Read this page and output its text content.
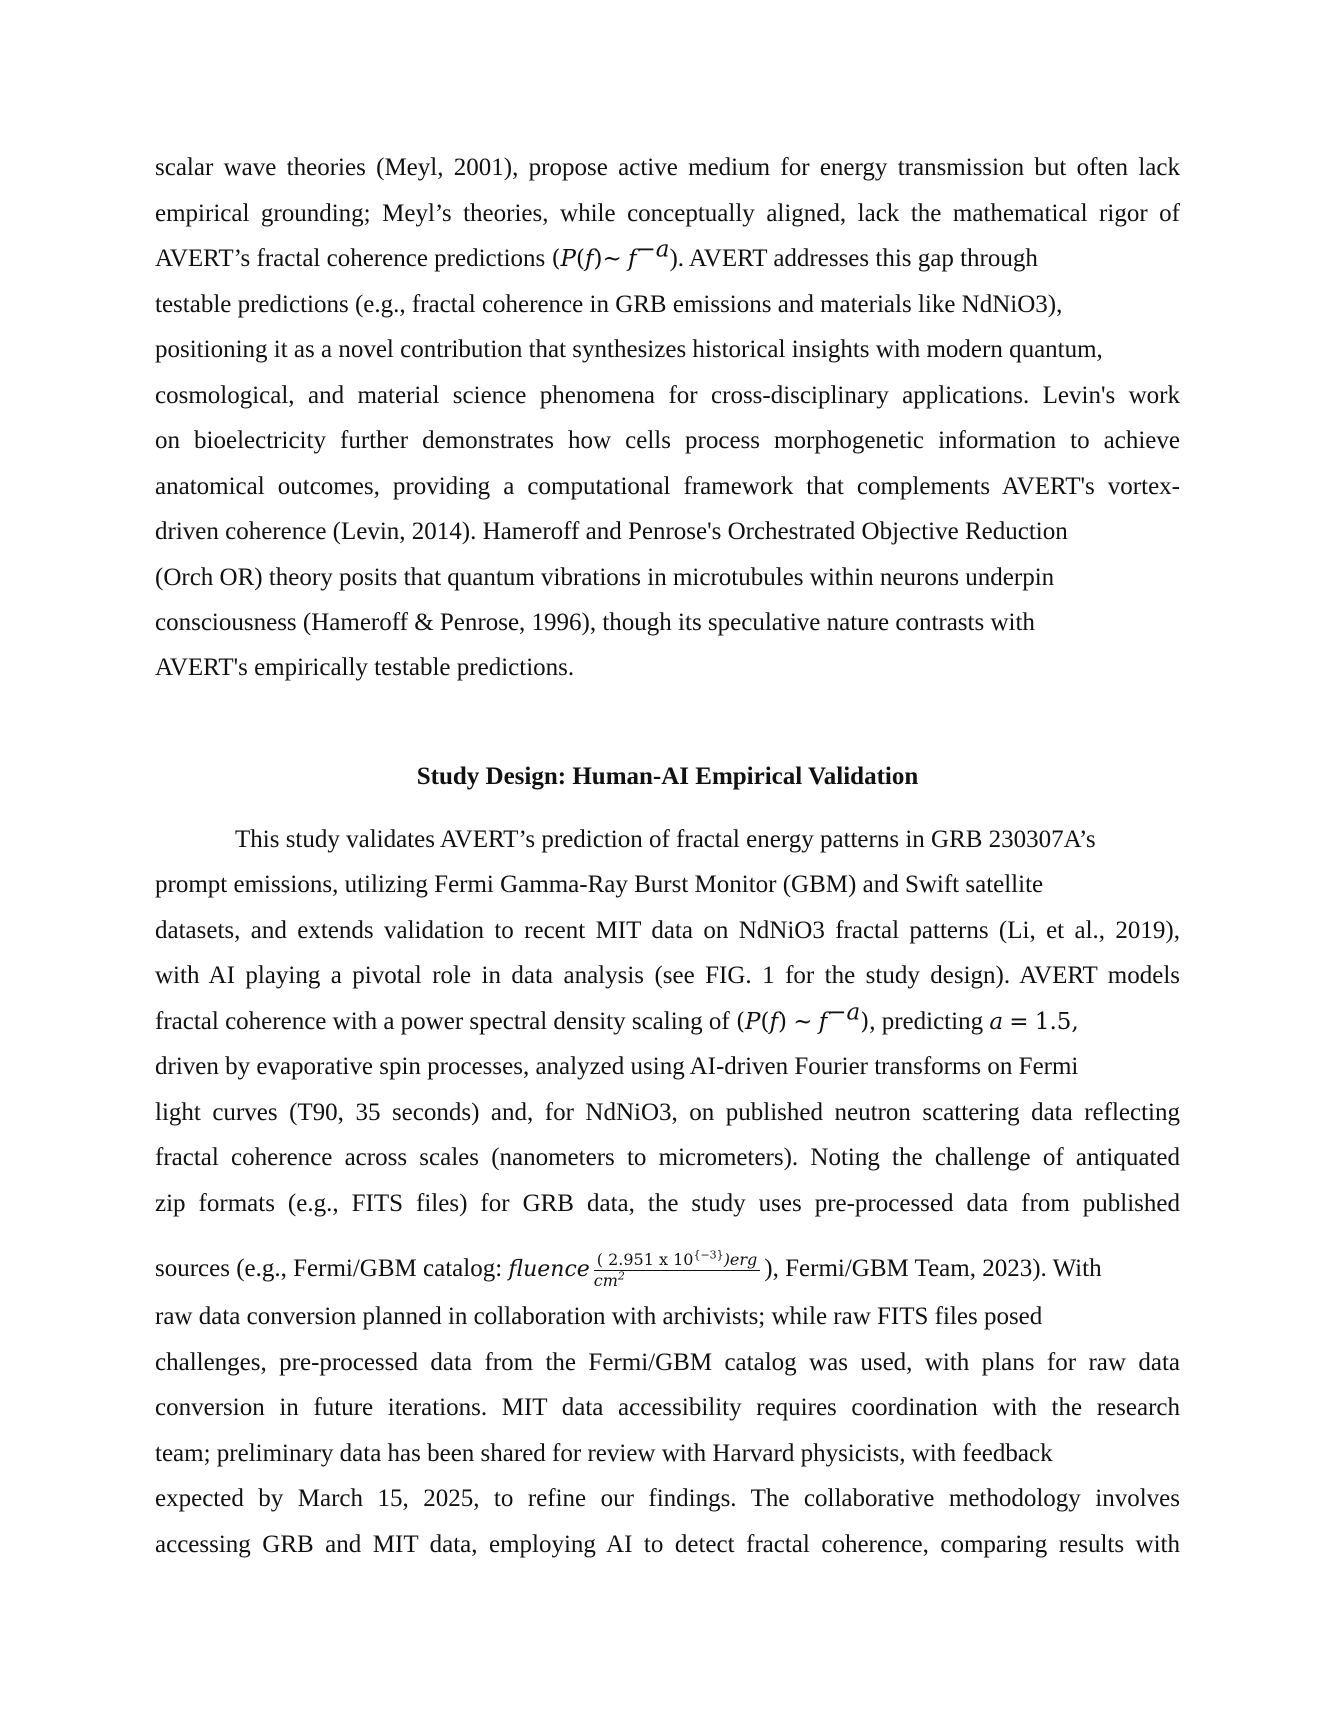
scalar wave theories (Meyl, 2001), propose active medium for energy transmission but often lack
empirical grounding; Meyl’s theories, while conceptually aligned, lack the mathematical rigor of
AVERT’s fractal coherence predictions (P(f)~ $f^{-a}$). AVERT addresses this gap through
testable predictions (e.g., fractal coherence in GRB emissions and materials like NdNiO3),
positioning it as a novel contribution that synthesizes historical insights with modern quantum,
cosmological, and material science phenomena for cross-disciplinary applications. Levin's work
on bioelectricity further demonstrates how cells process morphogenetic information to achieve
anatomical outcomes, providing a computational framework that complements AVERT's vortex-
driven coherence (Levin, 2014). Hameroff and Penrose's Orchestrated Objective Reduction
(Orch OR) theory posits that quantum vibrations in microtubules within neurons underpin
consciousness (Hameroff & Penrose, 1996), though its speculative nature contrasts with
AVERT's empirically testable predictions.
Study Design: Human-AI Empirical Validation
This study validates AVERT’s prediction of fractal energy patterns in GRB 230307A’s
prompt emissions, utilizing Fermi Gamma-Ray Burst Monitor (GBM) and Swift satellite
datasets, and extends validation to recent MIT data on NdNiO3 fractal patterns (Li, et al., 2019),
with AI playing a pivotal role in data analysis (see FIG. 1 for the study design). AVERT models
fractal coherence with a power spectral density scaling of (P(f) ~ $f^{-a}$), predicting a = 1.5,
driven by evaporative spin processes, analyzed using AI-driven Fourier transforms on Fermi
light curves (T90, 35 seconds) and, for NdNiO3, on published neutron scattering data reflecting
fractal coherence across scales (nanometers to micrometers). Noting the challenge of antiquated
zip formats (e.g., FITS files) for GRB data, the study uses pre-processed data from published
sources (e.g., Fermi/GBM catalog: fluence $\frac{( 2.951 x 10^{\{-3\}})erg}{cm^2}$ ), Fermi/GBM Team, 2023). With
raw data conversion planned in collaboration with archivists; while raw FITS files posed
challenges, pre-processed data from the Fermi/GBM catalog was used, with plans for raw data
conversion in future iterations. MIT data accessibility requires coordination with the research
team; preliminary data has been shared for review with Harvard physicists, with feedback
expected by March 15, 2025, to refine our findings. The collaborative methodology involves
accessing GRB and MIT data, employing AI to detect fractal coherence, comparing results with
